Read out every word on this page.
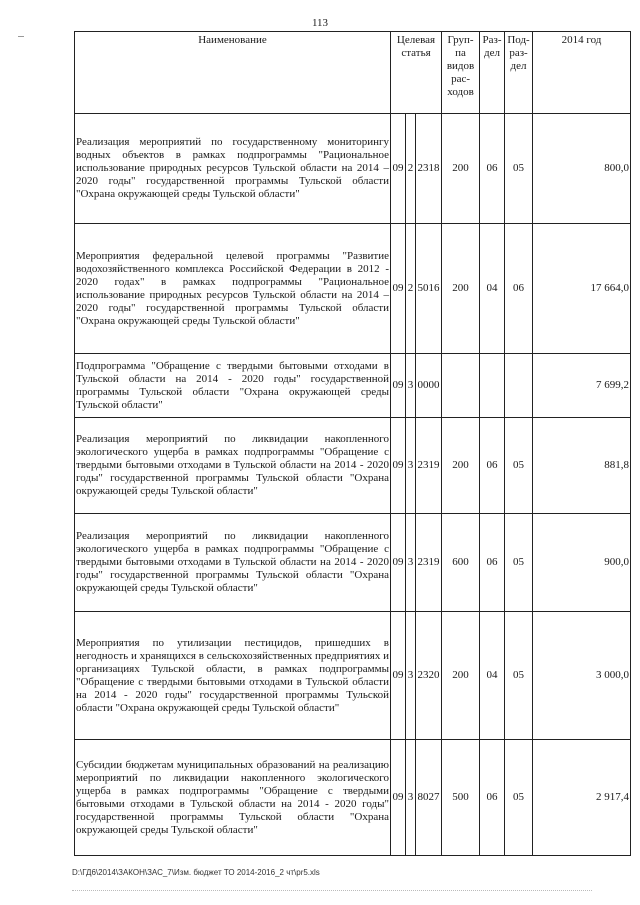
113
Наименование	Целевая статья			Груп- па видов рас- ходов	Раз- дел	Под- раз- дел	2014 год
Реализация мероприятий по государственному мониторингу водных объектов в рамках подпрограммы "Рациональное использование природных ресурсов Тульской области на 2014 – 2020 годы" государственной программы Тульской области "Охрана окружающей среды Тульской области"	09	2	2318	200	06	05	800,0
Мероприятия федеральной целевой программы "Развитие водохозяйственного комплекса Российской Федерации в 2012 - 2020 годах" в рамках подпрограммы "Рациональное использование природных ресурсов Тульской области на 2014 – 2020 годы" государственной программы Тульской области "Охрана окружающей среды Тульской области"	09	2	5016	200	04	06	17 664,0
Подпрограмма "Обращение с твердыми бытовыми отходами в Тульской области на 2014 - 2020 годы" государственной программы Тульской области "Охрана окружающей среды Тульской области"	09	3	0000				7 699,2
Реализация мероприятий по ликвидации накопленного экологического ущерба в рамках подпрограммы "Обращение с твердыми бытовыми отходами в Тульской области на 2014 - 2020 годы" государственной программы Тульской области "Охрана окружающей среды Тульской области"	09	3	2319	200	06	05	881,8
Реализация мероприятий по ликвидации накопленного экологического ущерба в рамках подпрограммы "Обращение с твердыми бытовыми отходами в Тульской области на 2014 - 2020 годы" государственной программы Тульской области "Охрана окружающей среды Тульской области"	09	3	2319	600	06	05	900,0
Мероприятия по утилизации пестицидов, пришедших в негодность и хранящихся в сельскохозяйственных предприятиях и организациях Тульской области, в рамках подпрограммы "Обращение с твердыми бытовыми отходами в Тульской области на 2014 - 2020 годы" государственной программы Тульской области "Охрана окружающей среды Тульской области"	09	3	2320	200	04	05	3 000,0
Субсидии бюджетам муниципальных образований на реализацию мероприятий по ликвидации накопленного экологического ущерба в рамках подпрограммы "Обращение с твердыми бытовыми отходами в Тульской области на 2014 - 2020 годы" государственной программы Тульской области "Охрана окружающей среды Тульской области"	09	3	8027	500	06	05	2 917,4
D:\ГД6\2014\ЗАКОН\ЗАС_7\Изм. бюджет ТО 2014-2016_2 чт\pr5.xls
